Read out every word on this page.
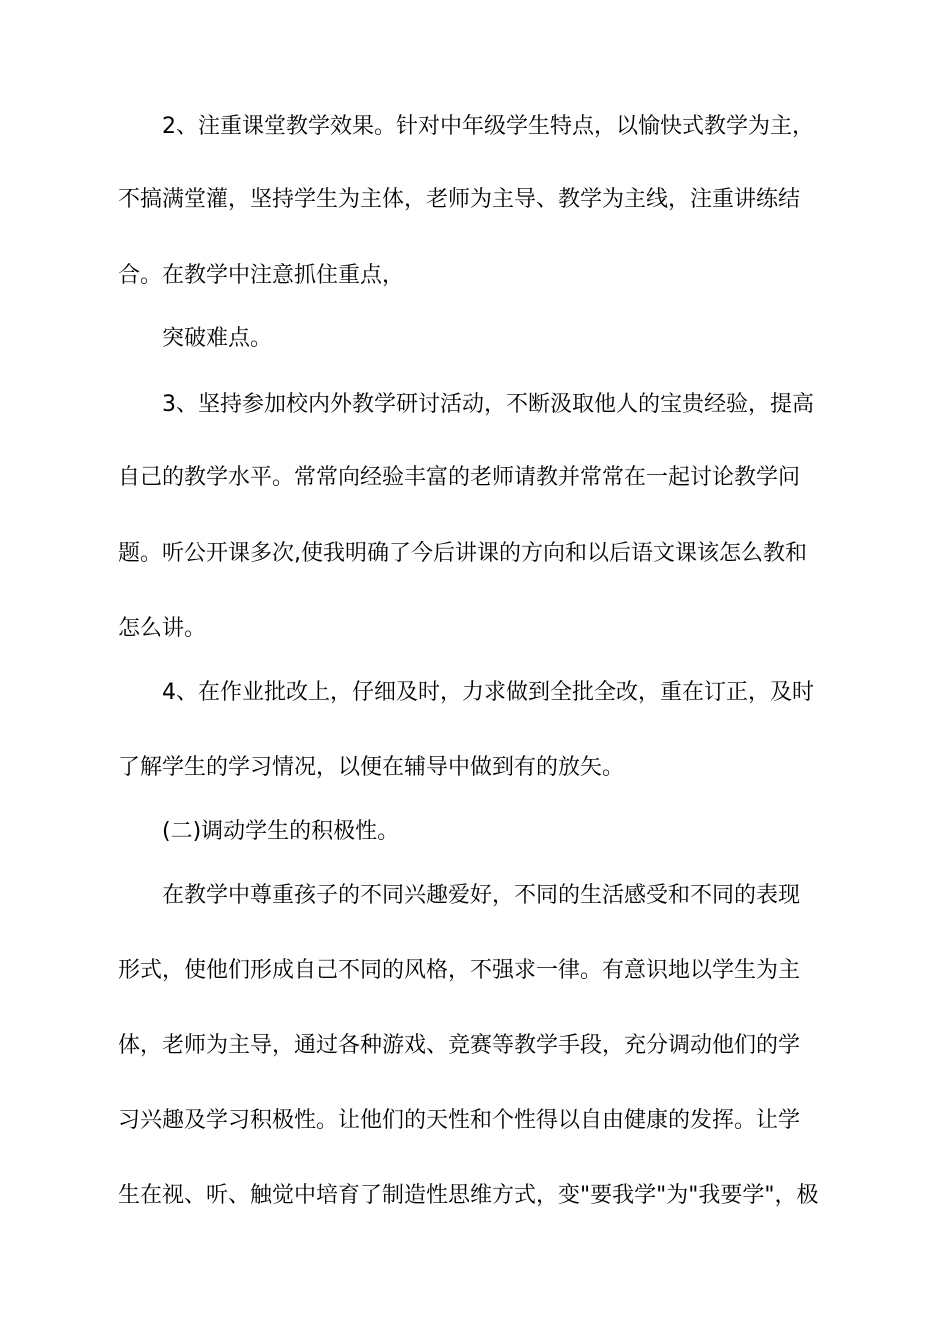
2、注重课堂教学效果。针对中年级学生特点，以愉快式教学为主，
不搞满堂灌，坚持学生为主体，老师为主导、教学为主线，注重讲练结
合。在教学中注意抓住重点，
突破难点。
3、坚持参加校内外教学研讨活动，不断汲取他人的宝贵经验，提高
自己的教学水平。常常向经验丰富的老师请教并常常在一起讨论教学问
题。听公开课多次,使我明确了今后讲课的方向和以后语文课该怎么教和
怎么讲。
4、在作业批改上，仔细及时，力求做到全批全改，重在订正，及时
了解学生的学习情况，以便在辅导中做到有的放矢。
(二)调动学生的积极性。
在教学中尊重孩子的不同兴趣爱好，不同的生活感受和不同的表现
形式，使他们形成自己不同的风格，不强求一律。有意识地以学生为主
体，老师为主导，通过各种游戏、竞赛等教学手段，充分调动他们的学
习兴趣及学习积极性。让他们的天性和个性得以自由健康的发挥。让学
生在视、听、触觉中培育了制造性思维方式，变"要我学"为"我要学"，极
